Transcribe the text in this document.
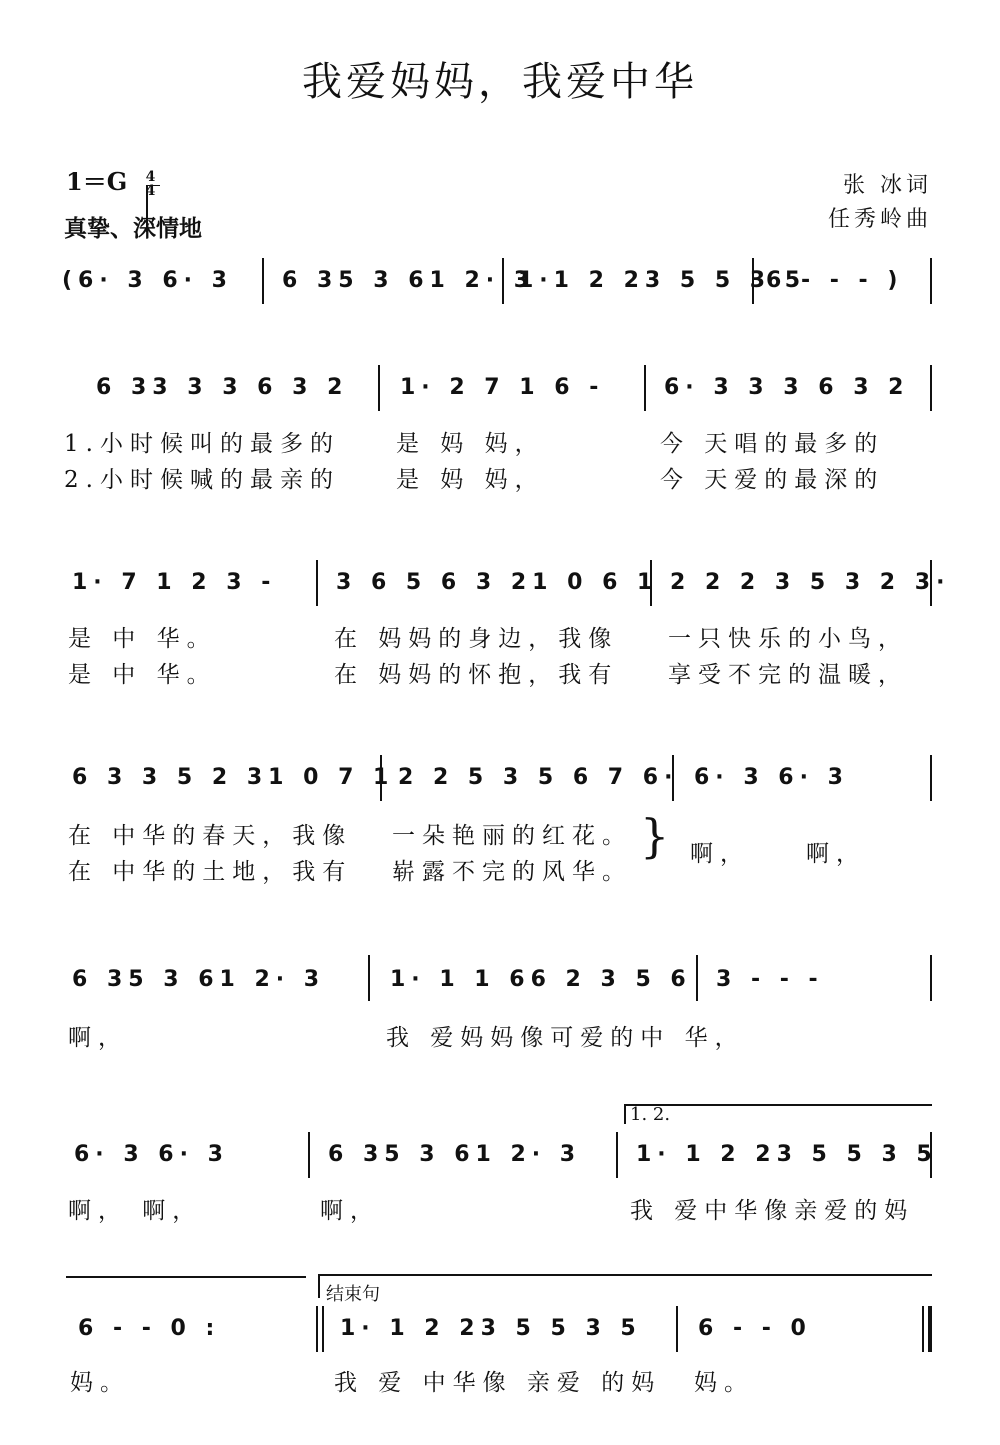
我爱妈妈，我爱中华
1＝G 4
4
真挚、深情地
张 冰词
任秀岭曲
(6· 3 6· 3 6 35 3 61 2· 3
1·1 2 23 5 5 3 5
6 - - - )
6 33 3 3 6 3 2 1· 2 7 1 6 -	6· 3 3 3 6 3 2
1.小时候叫的最多的 是 妈 妈，	今 天唱的最多的
2.小时候喊的最亲的 是 妈 妈，	今 天爱的最深的
1· 7 1 2 3 -	3 6 5 6 3 21 0 6 1 2 2 2 3 5 3 2 3·
是 中 华。	在 妈妈的身边，我像 一只快乐的小鸟，
是 中 华。	在 妈妈的怀抱，我有 享受不完的温暖，
6 3 3 5 2 31 0 7 1 2 2 5 3 5 6 7 6· 6· 3 6· 3
在 中华的春天，我像 一朵艳丽的红花。
在 中华的土地，我有 崭露不完的风华。
} 啊， 啊，
6 35 3 61 2· 3	1· 1 1 66 2 3 5 6 3 - - -
啊，	我 爱妈妈像可爱的中 华，
1. 2.
6· 3 6· 3	6 35 3 61 2· 3 1· 1 2 23 5 5 3 5
啊， 啊，	啊，	我 爱中华像亲爱的妈
结束句
6 - - 0 :	1· 1 2 23 5 5 3 5	6 - - 0
妈。	我 爱 中华像 亲爱 的妈 妈。
